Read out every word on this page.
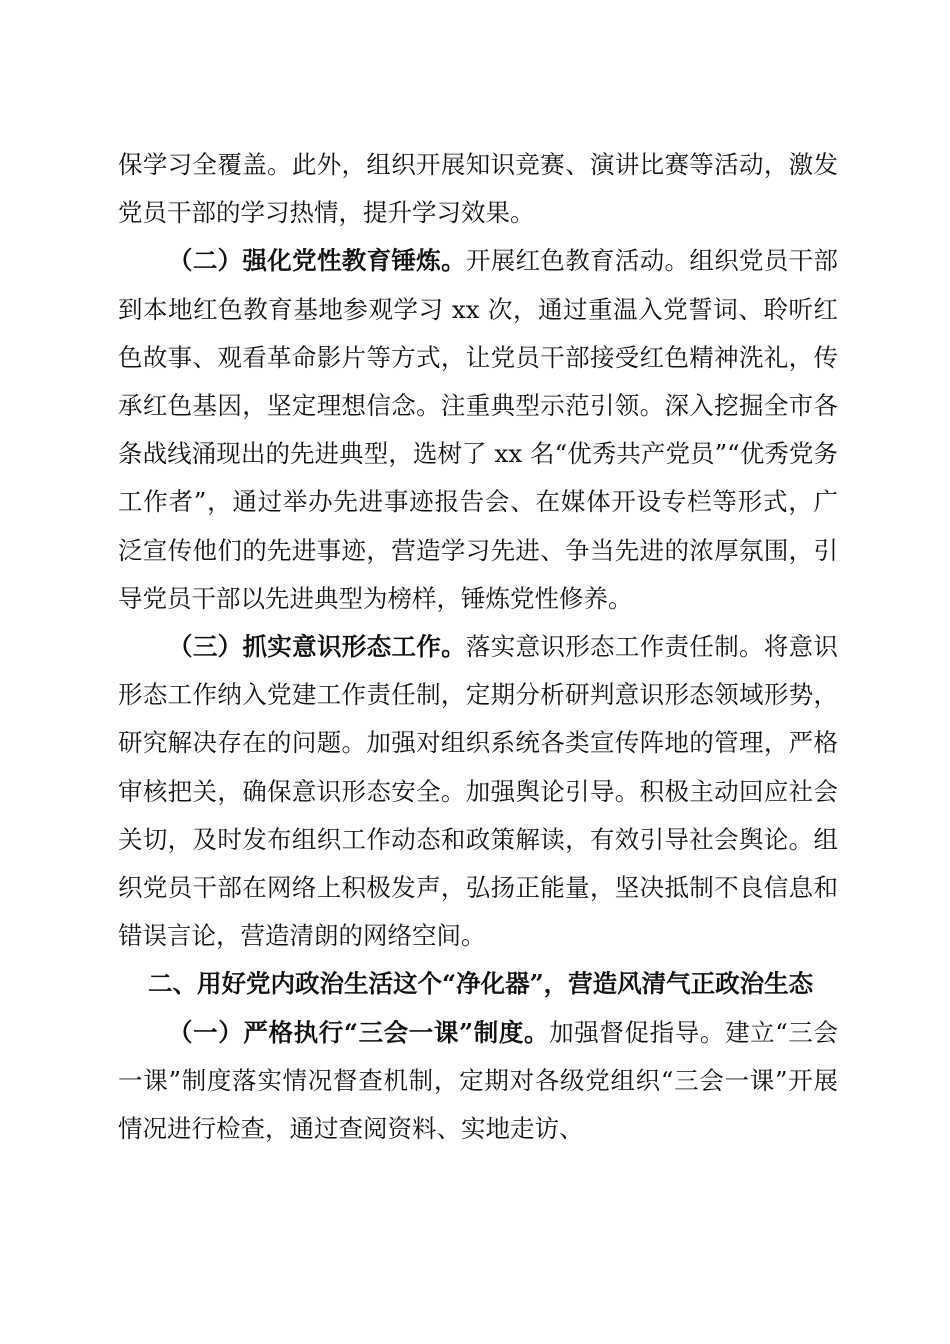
保学习全覆盖。此外，组织开展知识竞赛、演讲比赛等活动，激发党员干部的学习热情，提升学习效果。

（二）强化党性教育锤炼。开展红色教育活动。组织党员干部到本地红色教育基地参观学习 xx 次，通过重温入党誓词、聆听红色故事、观看革命影片等方式，让党员干部接受红色精神洗礼，传承红色基因，坚定理想信念。注重典型示范引领。深入挖掘全市各条战线涌现出的先进典型，选树了 xx 名“优秀共产党员”“优秀党务工作者”，通过举办先进事迹报告会、在媒体开设专栏等形式，广泛宣传他们的先进事迹，营造学习先进、争当先进的浓厚氛围，引导党员干部以先进典型为榜样，锤炼党性修养。

（三）抓实意识形态工作。落实意识形态工作责任制。将意识形态工作纳入党建工作责任制，定期分析研判意识形态领域形势，研究解决存在的问题。加强对组织系统各类宣传阵地的管理，严格审核把关，确保意识形态安全。加强舆论引导。积极主动回应社会关切，及时发布组织工作动态和政策解读，有效引导社会舆论。组织党员干部在网络上积极发声，弘扬正能量，坚决抵制不良信息和错误言论，营造清朗的网络空间。

二、用好党内政治生活这个“净化器”，营造风清气正政治生态

（一）严格执行“三会一课”制度。加强督促指导。建立“三会一课”制度落实情况督查机制，定期对各级党组织“三会一课”开展情况进行检查，通过查阅资料、实地走访、
